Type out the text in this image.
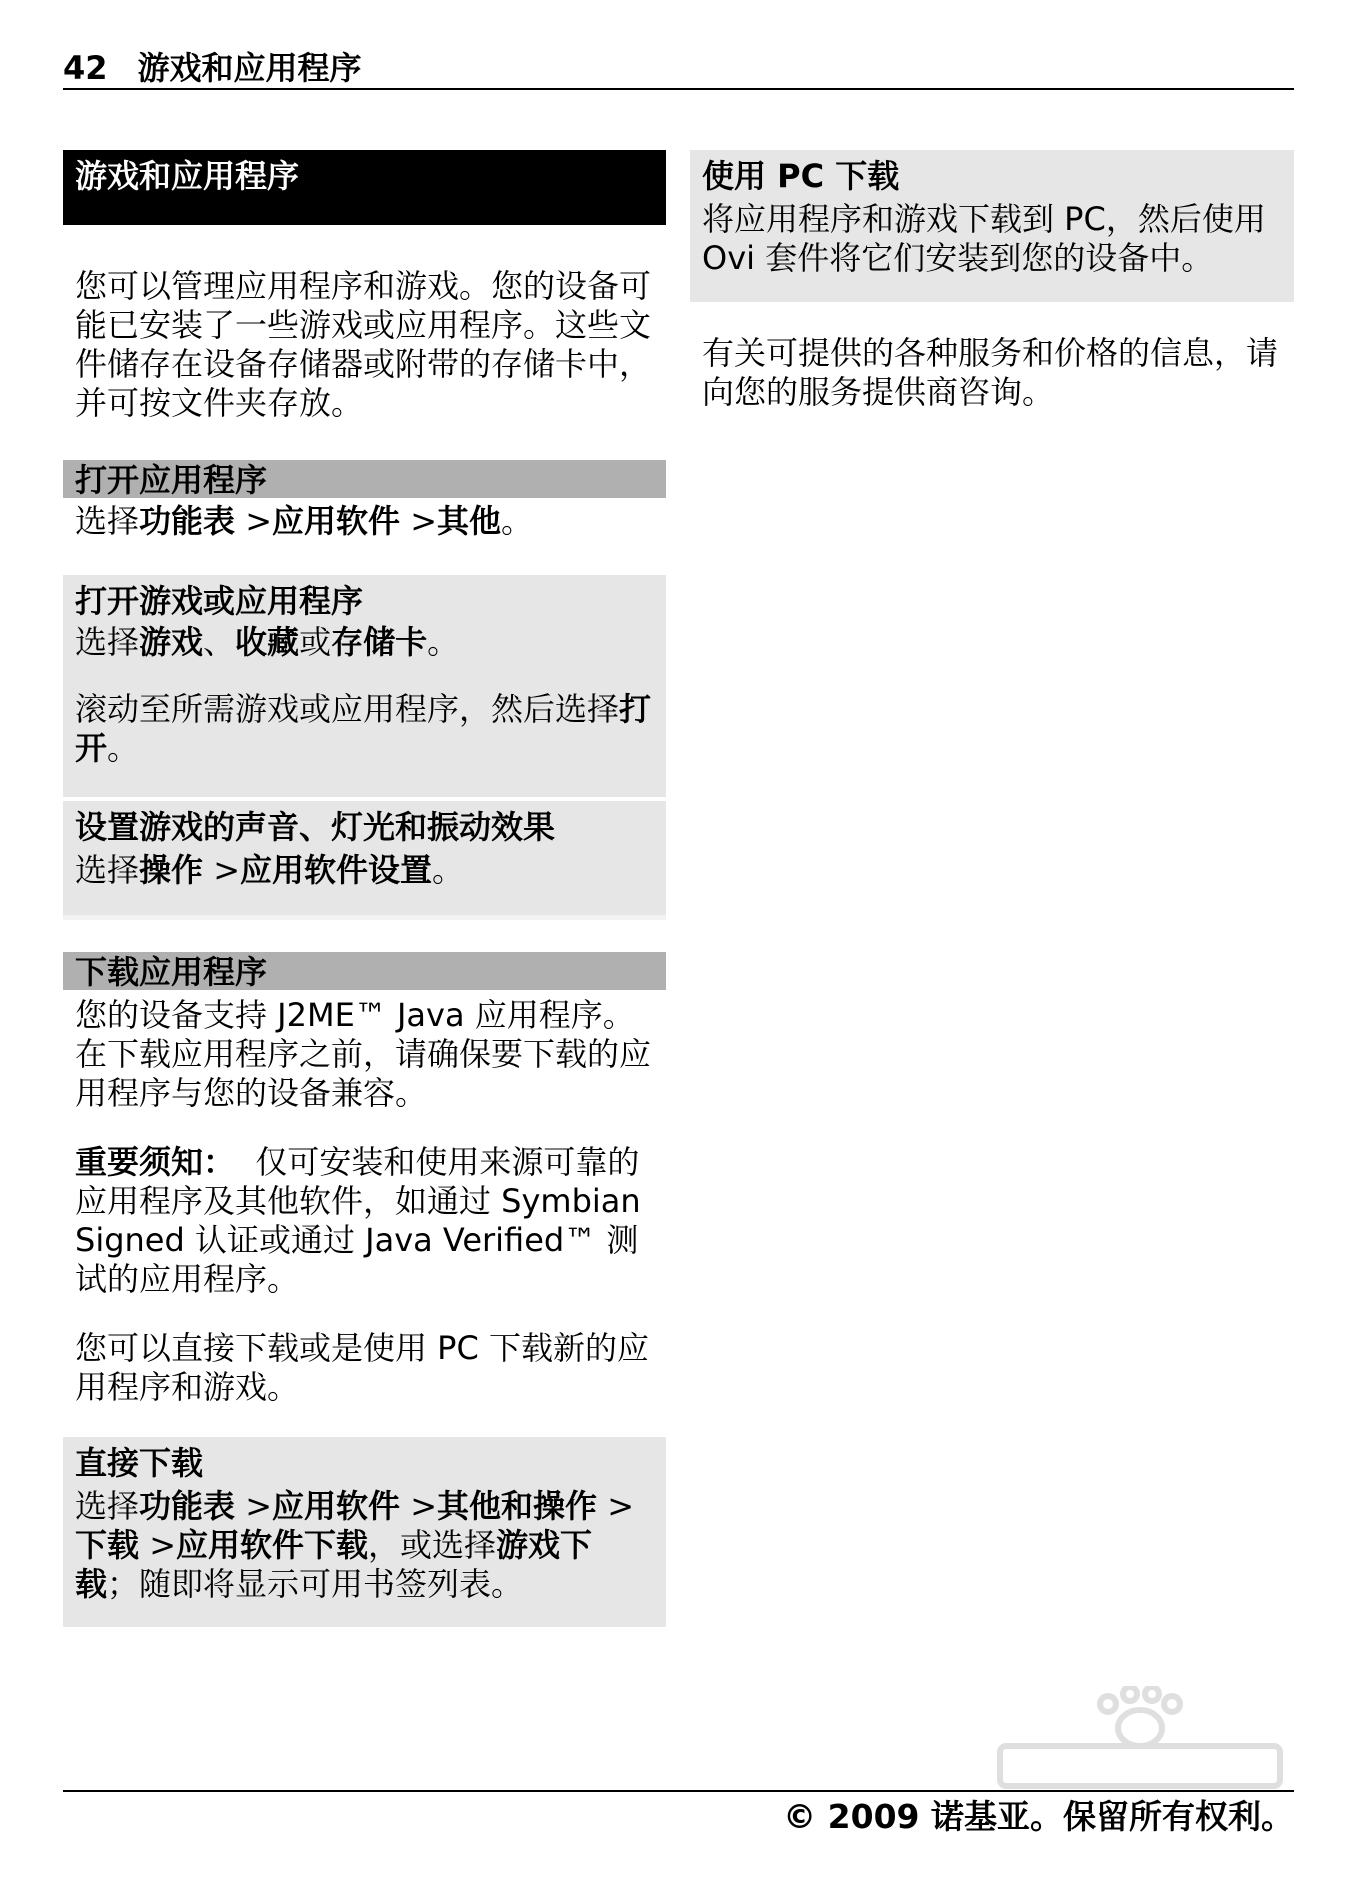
42 游戏和应用程序
游戏和应用程序

您可以管理应用程序和游戏。您的设备可能已安装了一些游戏或应用程序。这些文件储存在设备存储器或附带的存储卡中，并可按文件夹存放。

打开应用程序

选择功能表 >应用软件 >其他。

打开游戏或应用程序

选择游戏、收藏或存储卡。

滚动至所需游戏或应用程序，然后选择打开。

设置游戏的声音、灯光和振动效果

选择操作 >应用软件设置。

下载应用程序

您的设备支持 J2ME™ Java 应用程序。在下载应用程序之前，请确保要下载的应用程序与您的设备兼容。

重要须知： 仅可安装和使用来源可靠的应用程序及其他软件，如通过 Symbian Signed 认证或通过 Java Verified™ 测试的应用程序。

您可以直接下载或是使用 PC 下载新的应用程序和游戏。

直接下载

选择功能表 >应用软件 >其他和操作 >下载 >应用软件下载，或选择游戏下载；随即将显示可用书签列表。

使用 PC 下载

将应用程序和游戏下载到 PC，然后使用 Ovi 套件将它们安装到您的设备中。

有关可提供的各种服务和价格的信息，请向您的服务提供商咨询。

© 2009 诺基亚。保留所有权利。
